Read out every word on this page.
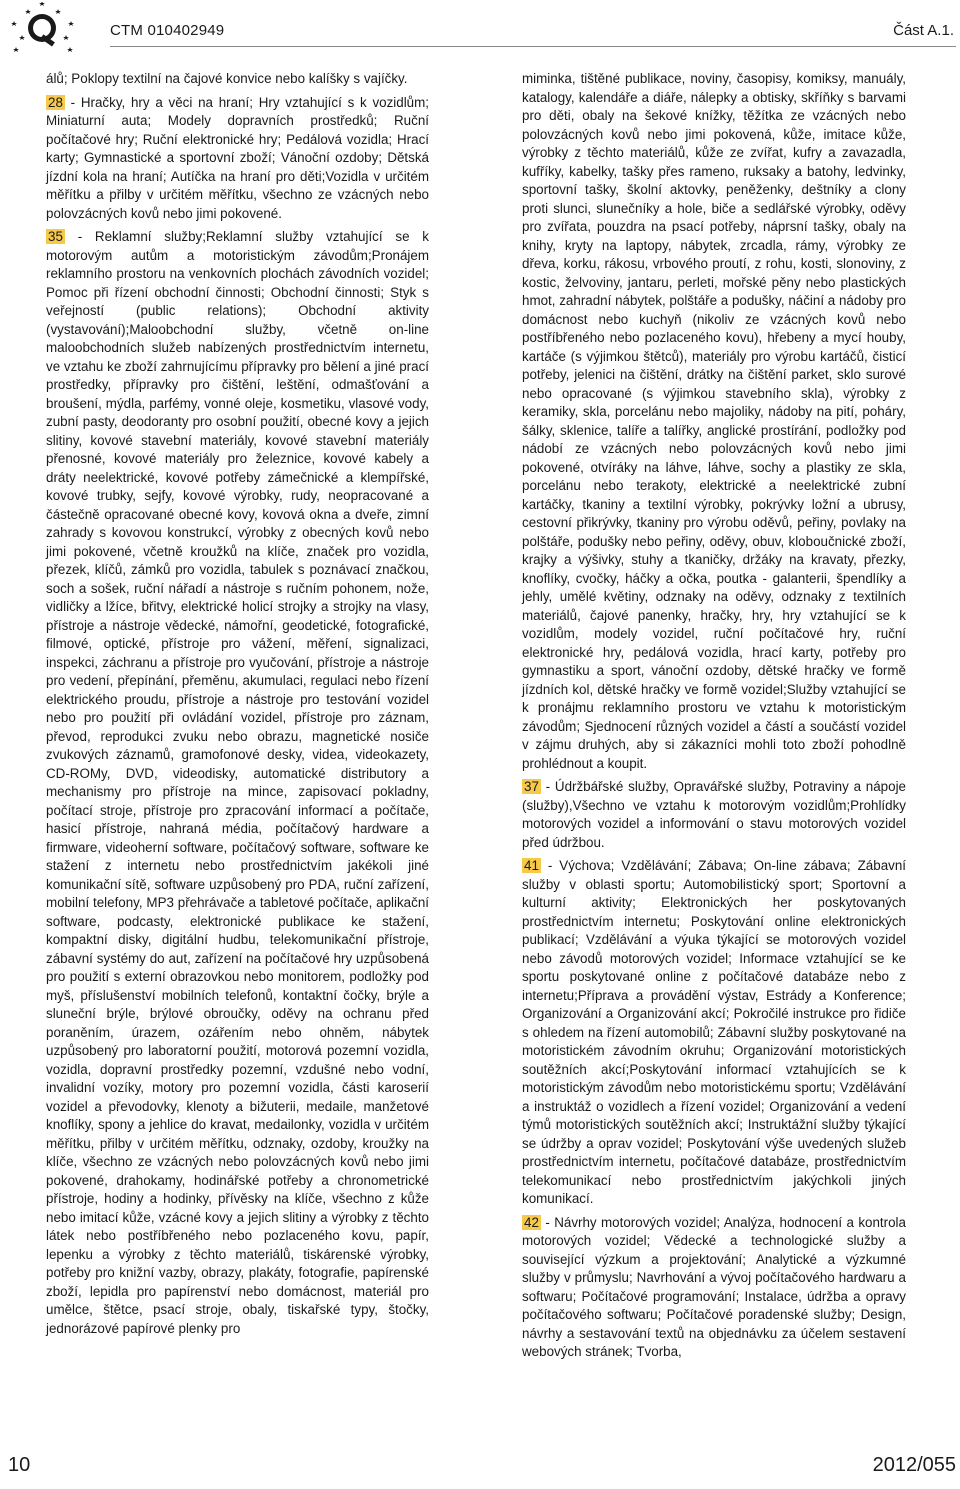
CTM 010402949	Část A.1.

álů; Poklopy textilní na čajové konvice nebo kalíšky s vajíčky.

28 - Hračky, hry a věci na hraní; Hry vztahující s k vozidlům; Miniaturní auta; Modely dopravních prostředků; Ruční počítačové hry; Ruční elektronické hry; Pedálová vozidla; Hrací karty; Gymnastické a sportovní zboží; Vánoční ozdoby; Dětská jízdní kola na hraní; Autíčka na hraní pro děti;Vozidla v určitém měřítku a přilby v určitém měřítku, všechno ze vzácných nebo polovzácných kovů nebo jimi pokovené.

35 - Reklamní služby;Reklamní služby vztahující se k motorovým autům a motoristickým závodům;Pronájem reklamního prostoru na venkovních plochách závodních vozidel; Pomoc při řízení obchodní činnosti; Obchodní činnosti; Styk s veřejností (public relations); Obchodní aktivity (vystavování);Maloobchodní služby, včetně on-line maloobchodních služeb nabízených prostřednictvím internetu, ve vztahu ke zboží zahrnujícímu přípravky pro bělení a jiné prací prostředky, přípravky pro čištění, leštění, odmašťování a broušení, mýdla, parfémy, vonné oleje, kosmetiku, vlasové vody, zubní pasty, deodoranty pro osobní použití, obecné kovy a jejich slitiny, kovové stavební materiály, kovové stavební materiály přenosné, kovové materiály pro železnice, kovové kabely a dráty neelektrické, kovové potřeby zámečnické a klempířské, kovové trubky, sejfy, kovové výrobky, rudy, neopracované a částečně opracované obecné kovy, kovová okna a dveře, zimní zahrady s kovovou konstrukcí, výrobky z obecných kovů nebo jimi pokovené, včetně kroužků na klíče, značek pro vozidla, přezek, klíčů, zámků pro vozidla, tabulek s poznávací značkou, soch a sošek, ruční nářadí a nástroje s ručním pohonem, nože, vidličky a lžíce, břitvy, elektrické holicí strojky a strojky na vlasy, přístroje a nástroje vědecké, námořní, geodetické, fotografické, filmové, optické, přístroje pro vážení, měření, signalizaci, inspekci, záchranu a přístroje pro vyučování, přístroje a nástroje pro vedení, přepínání, přeměnu, akumulaci, regulaci nebo řízení elektrického proudu, přístroje a nástroje pro testování vozidel nebo pro použití při ovládání vozidel, přístroje pro záznam, převod, reprodukci zvuku nebo obrazu, magnetické nosiče zvukových záznamů, gramofonové desky, videa, videokazety, CD-ROMy, DVD, videodisky, automatické distributory a mechanismy pro přístroje na mince, zapisovací pokladny, počítací stroje, přístroje pro zpracování informací a počítače, hasicí přístroje, nahraná média, počítačový hardware a firmware, videoherní software, počítačový software, software ke stažení z internetu nebo prostřednictvím jakékoli jiné komunikační sítě, software uzpůsobený pro PDA, ruční zařízení, mobilní telefony, MP3 přehrávače a tabletové počítače, aplikační software, podcasty, elektronické publikace ke stažení, kompaktní disky, digitální hudbu, telekomunikační přístroje, zábavní systémy do aut, zařízení na počítačové hry uzpůsobená pro použití s externí obrazovkou nebo monitorem, podložky pod myš, příslušenství mobilních telefonů, kontaktní čočky, brýle a sluneční brýle, brýlové obroučky, oděvy na ochranu před poraněním, úrazem, ozářením nebo ohněm, nábytek uzpůsobený pro laboratorní použití, motorová pozemní vozidla, vozidla, dopravní prostředky pozemní, vzdušné nebo vodní, invalidní vozíky, motory pro pozemní vozidla, části karoserií vozidel a převodovky, klenoty a bižuterii, medaile, manžetové knoflíky, spony a jehlice do kravat, medailonky, vozidla v určitém měřítku, přilby v určitém měřítku, odznaky, ozdoby, kroužky na klíče, všechno ze vzácných nebo polovzácných kovů nebo jimi pokovené, drahokamy, hodinářské potřeby a chronometrické přístroje, hodiny a hodinky, přívěsky na klíče, všechno z kůže nebo imitací kůže, vzácné kovy a jejich slitiny a výrobky z těchto látek nebo postříbřeného nebo pozlaceného kovu, papír, lepenku a výrobky z těchto materiálů, tiskárenské výrobky, potřeby pro knižní vazby, obrazy, plakáty, fotografie, papírenské zboží, lepidla pro papírenství nebo domácnost, materiál pro umělce, štětce, psací stroje, obaly, tiskařské typy, štočky, jednorázové papírové plenky pro

miminka, tištěné publikace, noviny, časopisy, komiksy, manuály, katalogy, kalendáře a diáře, nálepky a obtisky, skříňky s barvami pro děti, obaly na šekové knížky, těžítka ze vzácných nebo polovzácných kovů nebo jimi pokovená, kůže, imitace kůže, výrobky z těchto materiálů, kůže ze zvířat, kufry a zavazadla, kufříky, kabelky, tašky přes rameno, ruksaky a batohy, ledvinky, sportovní tašky, školní aktovky, peněženky, deštníky a clony proti slunci, slunečníky a hole, biče a sedlářské výrobky, oděvy pro zvířata, pouzdra na psací potřeby, náprsní tašky, obaly na knihy, kryty na laptopy, nábytek, zrcadla, rámy, výrobky ze dřeva, korku, rákosu, vrbového proutí, z rohu, kosti, slonoviny, z kostic, želvoviny, jantaru, perleti, mořské pěny nebo plastických hmot, zahradní nábytek, polštáře a podušky, náčiní a nádoby pro domácnost nebo kuchyň (nikoliv ze vzácných kovů nebo postříbřeného nebo pozlaceného kovu), hřebeny a mycí houby, kartáče (s výjimkou štětců), materiály pro výrobu kartáčů, čisticí potřeby, jelenici na čištění, drátky na čištění parket, sklo surové nebo opracované (s výjimkou stavebního skla), výrobky z keramiky, skla, porcelánu nebo majoliky, nádoby na pití, poháry, šálky, sklenice, talíře a talířky, anglické prostírání, podložky pod nádobí ze vzácných nebo polovzácných kovů nebo jimi pokovené, otvíráky na láhve, láhve, sochy a plastiky ze skla, porcelánu nebo terakoty, elektrické a neelektrické zubní kartáčky, tkaniny a textilní výrobky, pokrývky ložní a ubrusy, cestovní přikrývky, tkaniny pro výrobu oděvů, peřiny, povlaky na polštáře, podušky nebo peřiny, oděvy, obuv, kloboučnické zboží, krajky a výšivky, stuhy a tkaničky, držáky na kravaty, přezky, knoflíky, cvočky, háčky a očka, poutka - galanterii, špendlíky a jehly, umělé květiny, odznaky na oděvy, odznaky z textilních materiálů, čajové panenky, hračky, hry, hry vztahující se k vozidlům, modely vozidel, ruční počítačové hry, ruční elektronické hry, pedálová vozidla, hrací karty, potřeby pro gymnastiku a sport, vánoční ozdoby, dětské hračky ve formě jízdních kol, dětské hračky ve formě vozidel;Služby vztahující se k pronájmu reklamního prostoru ve vztahu k motoristickým závodům; Sjednocení různých vozidel a částí a součástí vozidel v zájmu druhých, aby si zákazníci mohli toto zboží pohodlně prohlédnout a koupit.

37 - Údržbářské služby, Opravářské služby, Potraviny a nápoje (služby),Všechno ve vztahu k motorovým vozidlům;Prohlídky motorových vozidel a informování o stavu motorových vozidel před údržbou.

41 - Výchova; Vzdělávání; Zábava; On-line zábava; Zábavní služby v oblasti sportu; Automobilistický sport; Sportovní a kulturní aktivity; Elektronických her poskytovaných prostřednictvím internetu; Poskytování online elektronických publikací; Vzdělávání a výuka týkající se motorových vozidel nebo závodů motorových vozidel; Informace vztahující se ke sportu poskytované online z počítačové databáze nebo z internetu;Příprava a provádění výstav, Estrády a Konference; Organizování a Organizování akcí; Pokročilé instrukce pro řidiče s ohledem na řízení automobilů; Zábavní služby poskytované na motoristickém závodním okruhu; Organizování motoristických soutěžních akcí;Poskytování informací vztahujících se k motoristickým závodům nebo motoristickému sportu; Vzdělávání a instruktáž o vozidlech a řízení vozidel; Organizování a vedení týmů motoristických soutěžních akcí; Instruktážní služby týkající se údržby a oprav vozidel; Poskytování výše uvedených služeb prostřednictvím internetu, počítačové databáze, prostřednictvím telekomunikací nebo prostřednictvím jakýchkoli jiných komunikací.

42 - Návrhy motorových vozidel; Analýza, hodnocení a kontrola motorových vozidel; Vědecké a technologické služby a související výzkum a projektování; Analytické a výzkumné služby v průmyslu; Navrhování a vývoj počítačového hardwaru a softwaru; Počítačové programování; Instalace, údržba a opravy počítačového softwaru; Počítačové poradenské služby; Design, návrhy a sestavování textů na objednávku za účelem sestavení webových stránek; Tvorba,

10	2012/055
